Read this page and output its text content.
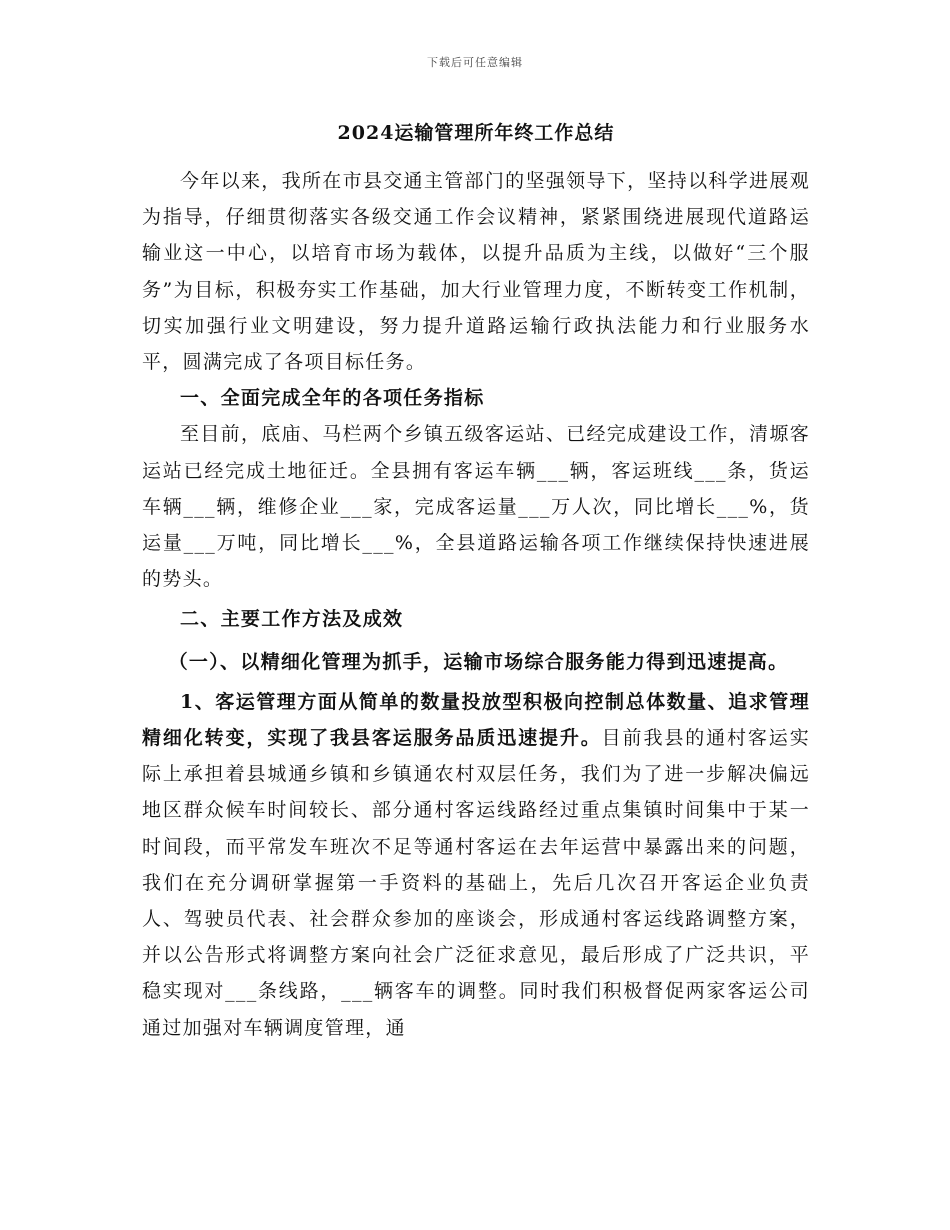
下载后可任意编辑
2024运输管理所年终工作总结

今年以来，我所在市县交通主管部门的坚强领导下，坚持以科学进展观为指导，仔细贯彻落实各级交通工作会议精神，紧紧围绕进展现代道路运输业这一中心，以培育市场为载体，以提升品质为主线，以做好“三个服务”为目标，积极夯实工作基础，加大行业管理力度，不断转变工作机制，切实加强行业文明建设，努力提升道路运输行政执法能力和行业服务水平，圆满完成了各项目标任务。

一、全面完成全年的各项任务指标

至目前，底庙、马栏两个乡镇五级客运站、已经完成建设工作，清塬客运站已经完成土地征迁。全县拥有客运车辆___辆，客运班线___条，货运车辆___辆，维修企业___家，完成客运量___万人次，同比增长___%，货运量___万吨，同比增长___%，全县道路运输各项工作继续保持快速进展的势头。

二、主要工作方法及成效

（一）、以精细化管理为抓手，运输市场综合服务能力得到迅速提高。

1、客运管理方面从简单的数量投放型积极向控制总体数量、追求管理精细化转变，实现了我县客运服务品质迅速提升。目前我县的通村客运实际上承担着县城通乡镇和乡镇通农村双层任务，我们为了进一步解决偏远地区群众候车时间较长、部分通村客运线路经过重点集镇时间集中于某一时间段，而平常发车班次不足等通村客运在去年运营中暴露出来的问题，我们在充分调研掌握第一手资料的基础上，先后几次召开客运企业负责人、驾驶员代表、社会群众参加的座谈会，形成通村客运线路调整方案，并以公告形式将调整方案向社会广泛征求意见，最后形成了广泛共识，平稳实现对___条线路，___辆客车的调整。同时我们积极督促两家客运公司通过加强对车辆调度管理，通
